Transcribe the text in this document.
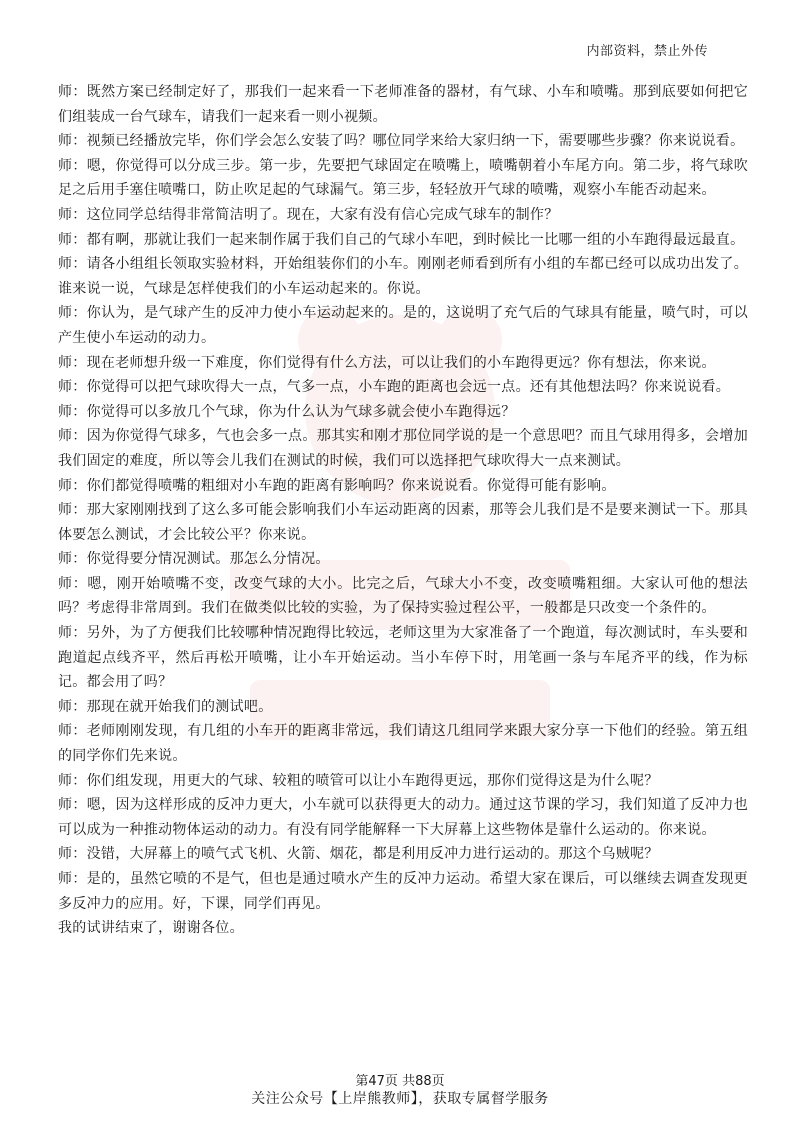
内部资料，禁止外传

师：既然方案已经制定好了，那我们一起来看一下老师准备的器材，有气球、小车和喷嘴。那到底要如何把它们组装成一台气球车，请我们一起来看一则小视频。

师：视频已经播放完毕，你们学会怎么安装了吗？哪位同学来给大家归纳一下，需要哪些步骤？你来说说看。

师：嗯，你觉得可以分成三步。第一步，先要把气球固定在喷嘴上，喷嘴朝着小车尾方向。第二步，将气球吹足之后用手塞住喷嘴口，防止吹足起的气球漏气。第三步，轻轻放开气球的喷嘴，观察小车能否动起来。

师：这位同学总结得非常简洁明了。现在，大家有没有信心完成气球车的制作？

师：都有啊，那就让我们一起来制作属于我们自己的气球小车吧，到时候比一比哪一组的小车跑得最远最直。

师：请各小组组长领取实验材料，开始组装你们的小车。刚刚老师看到所有小组的车都已经可以成功出发了。谁来说一说，气球是怎样使我们的小车运动起来的。你说。

师：你认为，是气球产生的反冲力使小车运动起来的。是的，这说明了充气后的气球具有能量，喷气时，可以产生使小车运动的动力。

师：现在老师想升级一下难度，你们觉得有什么方法，可以让我们的小车跑得更远？你有想法，你来说。

师：你觉得可以把气球吹得大一点，气多一点，小车跑的距离也会远一点。还有其他想法吗？你来说说看。

师：你觉得可以多放几个气球，你为什么认为气球多就会使小车跑得远？

师：因为你觉得气球多，气也会多一点。那其实和刚才那位同学说的是一个意思吧？而且气球用得多，会增加我们固定的难度，所以等会儿我们在测试的时候，我们可以选择把气球吹得大一点来测试。

师：你们都觉得喷嘴的粗细对小车跑的距离有影响吗？你来说说看。你觉得可能有影响。

师：那大家刚刚找到了这么多可能会影响我们小车运动距离的因素，那等会儿我们是不是要来测试一下。那具体要怎么测试，才会比较公平？你来说。

师：你觉得要分情况测试。那怎么分情况。

师：嗯，刚开始喷嘴不变，改变气球的大小。比完之后，气球大小不变，改变喷嘴粗细。大家认可他的想法吗？考虑得非常周到。我们在做类似比较的实验，为了保持实验过程公平，一般都是只改变一个条件的。

师：另外，为了方便我们比较哪种情况跑得比较远，老师这里为大家准备了一个跑道，每次测试时，车头要和跑道起点线齐平，然后再松开喷嘴，让小车开始运动。当小车停下时，用笔画一条与车尾齐平的线，作为标记。都会用了吗？

师：那现在就开始我们的测试吧。

师：老师刚刚发现，有几组的小车开的距离非常远，我们请这几组同学来跟大家分享一下他们的经验。第五组的同学你们先来说。

师：你们组发现，用更大的气球、较粗的喷管可以让小车跑得更远，那你们觉得这是为什么呢？

师：嗯，因为这样形成的反冲力更大，小车就可以获得更大的动力。通过这节课的学习，我们知道了反冲力也可以成为一种推动物体运动的动力。有没有同学能解释一下大屏幕上这些物体是靠什么运动的。你来说。

师：没错，大屏幕上的喷气式飞机、火箭、烟花，都是利用反冲力进行运动的。那这个乌贼呢？

师：是的，虽然它喷的不是气，但也是通过喷水产生的反冲力运动。希望大家在课后，可以继续去调查发现更多反冲力的应用。好，下课，同学们再见。

我的试讲结束了，谢谢各位。

第47页 共88页
关注公众号【上岸熊教师】，获取专属督学服务
